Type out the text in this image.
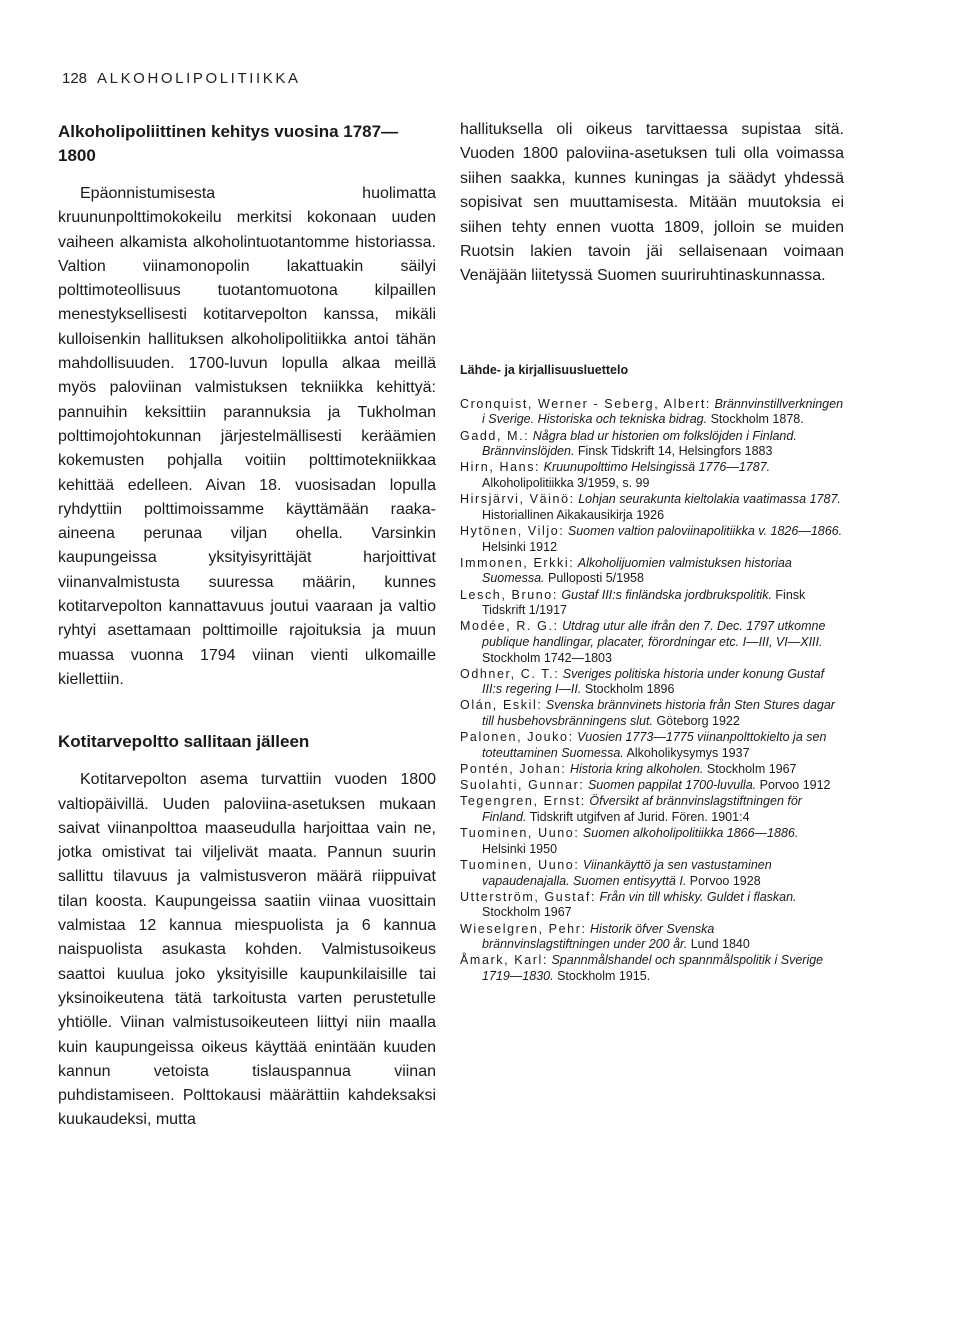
128 ALKOHOLIPOLITIIKKA
Alkoholipoliittinen kehitys vuosina 1787—1800

Epäonnistumisesta huolimatta kruununpolttimokokeilu merkitsi kokonaan uuden vaiheen alkamista alkoholintuotantomme historiassa. Valtion viinamonopolin lakattuakin säilyi polttimoteollisuus tuotantomuotona kilpaillen menestyksellisesti kotitarvepolton kanssa, mikäli kulloisenkin hallituksen alkoholipolitiikka antoi tähän mahdollisuuden. 1700-luvun lopulla alkaa meillä myös paloviinan valmistuksen tekniikka kehittyä: pannuihin keksittiin parannuksia ja Tukholman polttimojohtokunnan järjestelmällisesti keräämien kokemusten pohjalla voitiin polttimotekniikkaa kehittää edelleen. Aivan 18. vuosisadan lopulla ryhdyttiin polttimoissamme käyttämään raaka-aineena perunaa viljan ohella. Varsinkin kaupungeissa yksityisyrittäjät harjoittivat viinanvalmistusta suuressa määrin, kunnes kotitarvepolton kannattavuus joutui vaaraan ja valtio ryhtyi asettamaan polttimoille rajoituksia ja muun muassa vuonna 1794 viinan vienti ulkomaille kiellettiin.

Kotitarvepoltto sallitaan jälleen

Kotitarvepolton asema turvattiin vuoden 1800 valtiopäivillä. Uuden paloviina-asetuksen mukaan saivat viinanpolttoa maaseudulla harjoittaa vain ne, jotka omistivat tai viljelivät maata. Pannun suurin sallittu tilavuus ja valmistusveron määrä riippuivat tilan koosta. Kaupungeissa saatiin viinaa vuosittain valmistaa 12 kannua miespuolista ja 6 kannua naispuolista asukasta kohden. Valmistusoikeus saattoi kuulua joko yksityisille kaupunkilaisille tai yksinoikeutena tätä tarkoitusta varten perustetulle yhtiölle. Viinan valmistusoikeuteen liittyi niin maalla kuin kaupungeissa oikeus käyttää enintään kuuden kannun vetoista tislauspannua viinan puhdistamiseen. Polttokausi määrättiin kahdeksaksi kuukaudeksi, mutta

hallituksella oli oikeus tarvittaessa supistaa sitä. Vuoden 1800 paloviina-asetuksen tuli olla voimassa siihen saakka, kunnes kuningas ja säädyt yhdessä sopisivat sen muuttamisesta. Mitään muutoksia ei siihen tehty ennen vuotta 1809, jolloin se muiden Ruotsin lakien tavoin jäi sellaisenaan voimaan Venäjään liitetyssä Suomen suuriruhtinaskunnassa.

Lähde- ja kirjallisuusluettelo

Cronquist, Werner - Seberg, Albert: Brännvinstillverkningen i Sverige. Historiska och tekniska bidrag. Stockholm 1878.

Gadd, M.: Några blad ur historien om folkslöjden i Finland. Brännvinslöjden. Finsk Tidskrift 14, Helsingfors 1883

Hirn, Hans: Kruunupolttimo Helsingissä 1776—1787. Alkoholipolitiikka 3/1959, s. 99

Hirsjärvi, Väinö: Lohjan seurakunta kieltolakia vaatimassa 1787. Historiallinen Aikakausikirja 1926

Hytönen, Viljo: Suomen valtion paloviinapolitiikka v. 1826—1866. Helsinki 1912

Immonen, Erkki: Alkoholijuomien valmistuksen historiaa Suomessa. Pulloposti 5/1958

Lesch, Bruno: Gustaf III:s finländska jordbrukspolitik. Finsk Tidskrift 1/1917

Modée, R. G.: Utdrag utur alle ifrån den 7. Dec. 1797 utkomne publique handlingar, placater, förordningar etc. I—III, VI—XIII. Stockholm 1742—1803

Odhner, C. T.: Sveriges politiska historia under konung Gustaf III:s regering I—II. Stockholm 1896

Olán, Eskil: Svenska brännvinets historia från Sten Stures dagar till husbehovsbränningens slut. Göteborg 1922

Palonen, Jouko: Vuosien 1773—1775 viinanpolttokielto ja sen toteuttaminen Suomessa. Alkoholikysymys 1937

Pontén, Johan: Historia kring alkoholen. Stockholm 1967

Suolahti, Gunnar: Suomen pappilat 1700-luvulla. Porvoo 1912

Tegengren, Ernst: Öfversikt af brännvinslagstiftningen för Finland. Tidskrift utgifven af Jurid. Fören. 1901:4

Tuominen, Uuno: Suomen alkoholipolitiikka 1866—1886. Helsinki 1950

Tuominen, Uuno: Viinankäyttö ja sen vastustaminen vapaudenajalla. Suomen entisyyttä I. Porvoo 1928

Utterström, Gustaf: Från vin till whisky. Guldet i flaskan. Stockholm 1967

Wieselgren, Pehr: Historik öfver Svenska brännvinslagstiftningen under 200 år. Lund 1840

Åmark, Karl: Spannmålshandel och spannmålspolitik i Sverige 1719—1830. Stockholm 1915.
